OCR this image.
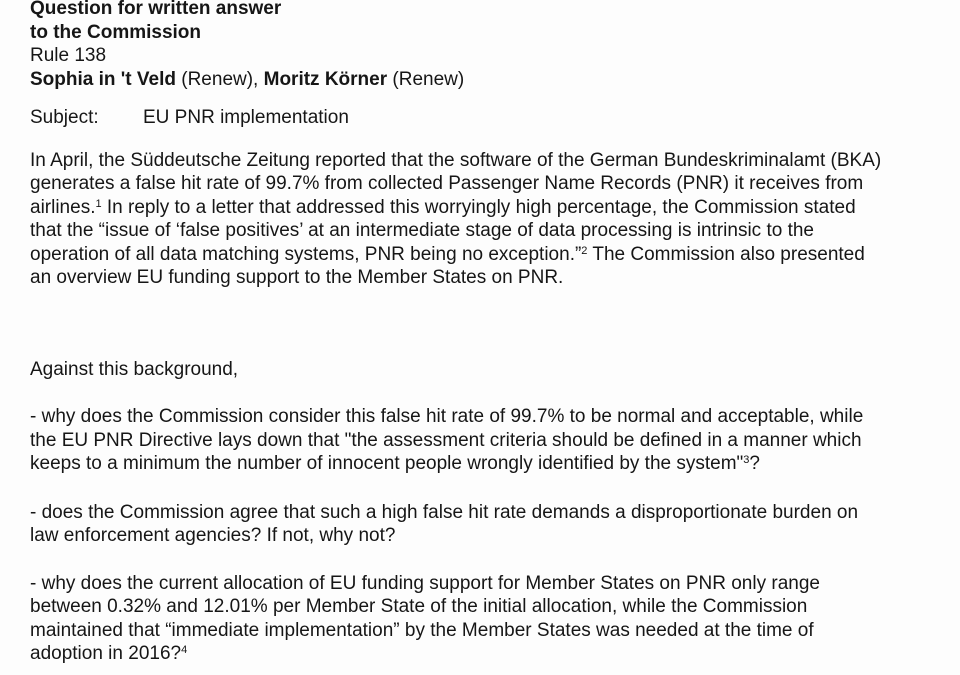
Question for written answer
to the Commission
Rule 138
Sophia in 't Veld (Renew), Moritz Körner (Renew)
Subject: EU PNR implementation
In April, the Süddeutsche Zeitung reported that the software of the German Bundeskriminalamt (BKA)
generates a false hit rate of 99.7% from collected Passenger Name Records (PNR) it receives from
airlines.$^1$ In reply to a letter that addressed this worryingly high percentage, the Commission stated
that the “issue of ‘false positives’ at an intermediate stage of data processing is intrinsic to the
operation of all data matching systems, PNR being no exception.”$^2$ The Commission also presented
an overview EU funding support to the Member States on PNR.
Against this background,
- why does the Commission consider this false hit rate of 99.7% to be normal and acceptable, while
the EU PNR Directive lays down that "the assessment criteria should be defined in a manner which
keeps to a minimum the number of innocent people wrongly identified by the system"$^3$?
- does the Commission agree that such a high false hit rate demands a disproportionate burden on
law enforcement agencies? If not, why not?
- why does the current allocation of EU funding support for Member States on PNR only range
between 0.32% and 12.01% per Member State of the initial allocation, while the Commission
maintained that “immediate implementation” by the Member States was needed at the time of
adoption in 2016?$^4$
